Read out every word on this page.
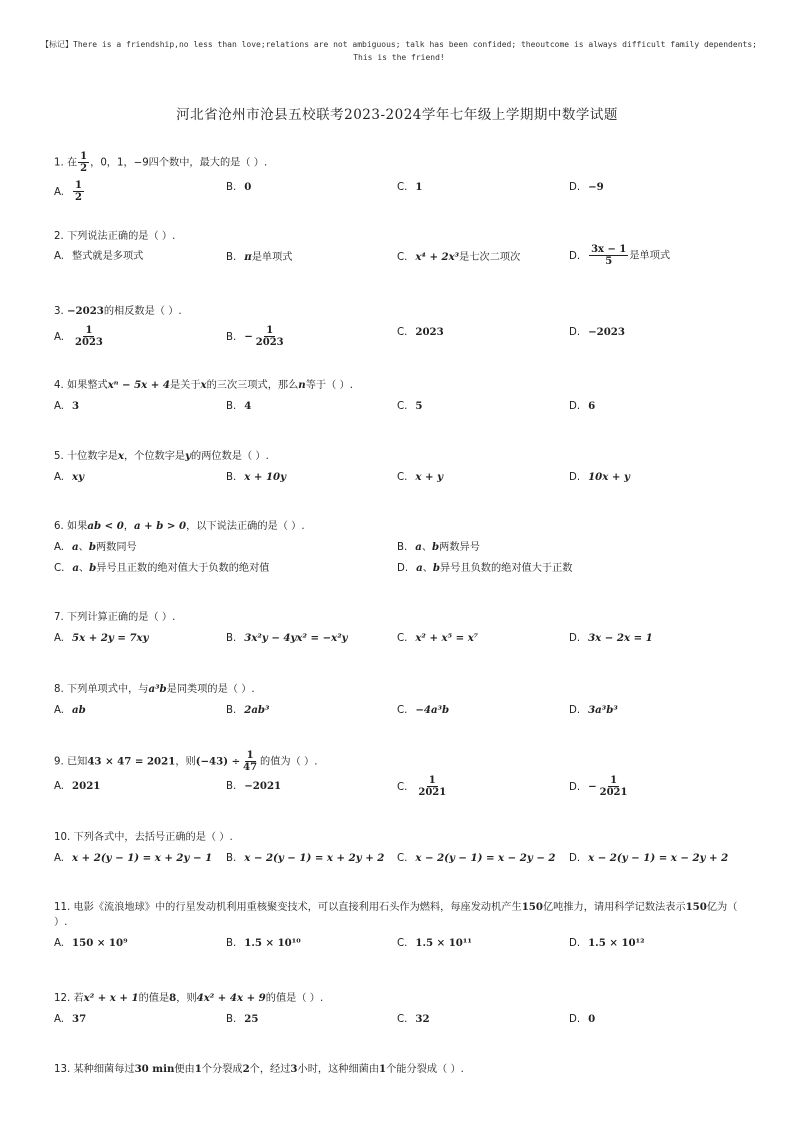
【标记】There is a friendship,no less than love;relations are not ambiguous; talk has been confided; theoutcome is always difficult family dependents; This is the friend!
河北省沧州市沧县五校联考2023-2024学年七年级上学期期中数学试题
1. 在 $\frac{1}{2}$ ，0，1，−9四个数中，最大的是（ ）.
A. $\frac{1}{2}$	B. 0	C. 1	D. −9
2. 下列说法正确的是（ ）.
A. 整式就是多项式	B. π是单项式	C. x⁴ + 2x³是七次二项次	D. $\frac{3x - 1}{5}$ 是单项式
3. −2023的相反数是（ ）.
A. $\frac{1}{2023}$	B. − $\frac{1}{2023}$	C. 2023	D. −2023
4. 如果整式xⁿ − 5x + 4是关于x的三次三项式，那么n等于（ ）.
A. 3	B. 4	C. 5	D. 6
5. 十位数字是x，个位数字是y的两位数是（ ）.
A. xy	B. x + 10y	C. x + y	D. 10x + y
6. 如果ab < 0，a + b > 0，以下说法正确的是（ ）.
A. a、b两数同号	B. a、b两数异号
C. a、b异号且正数的绝对值大于负数的绝对值	D. a、b异号且负数的绝对值大于正数
7. 下列计算正确的是（ ）.
A. 5x + 2y = 7xy	B. 3x²y − 4yx² = −x²y	C. x² + x⁵ = x⁷	D. 3x − 2x = 1
8. 下列单项式中，与a³b是同类项的是（ ）.
A. ab	B. 2ab³	C. −4a³b	D. 3a³b³
9. 已知43 × 47 = 2021，则$(-43) \div \frac{1}{47}$ 的值为（ ）.
A. 2021	B. −2021	C. $\frac{1}{2021}$	D. − $\frac{1}{2021}$
10. 下列各式中，去括号正确的是（ ）.
A. x + 2(y − 1) = x + 2y − 1 B. x − 2(y − 1) = x + 2y + 2 C. x − 2(y − 1) = x − 2y − 2 D. x − 2(y − 1) = x − 2y + 2
11. 电影《流浪地球》中的行星发动机利用重核聚变技术，可以直接利用石头作为燃料，每座发动机产生150亿吨推力，请用科学记数法表示150亿为（ ）.
A. 150 × 10⁹	B. 1.5 × 10¹⁰	C. 1.5 × 10¹¹	D. 1.5 × 10¹²
12. 若x² + x + 1的值是8，则4x² + 4x + 9的值是（ ）.
A. 37	B. 25	C. 32	D. 0
13. 某种细菌每过30 min便由1个分裂成2个，经过3小时，这种细菌由1个能分裂成（ ）.
